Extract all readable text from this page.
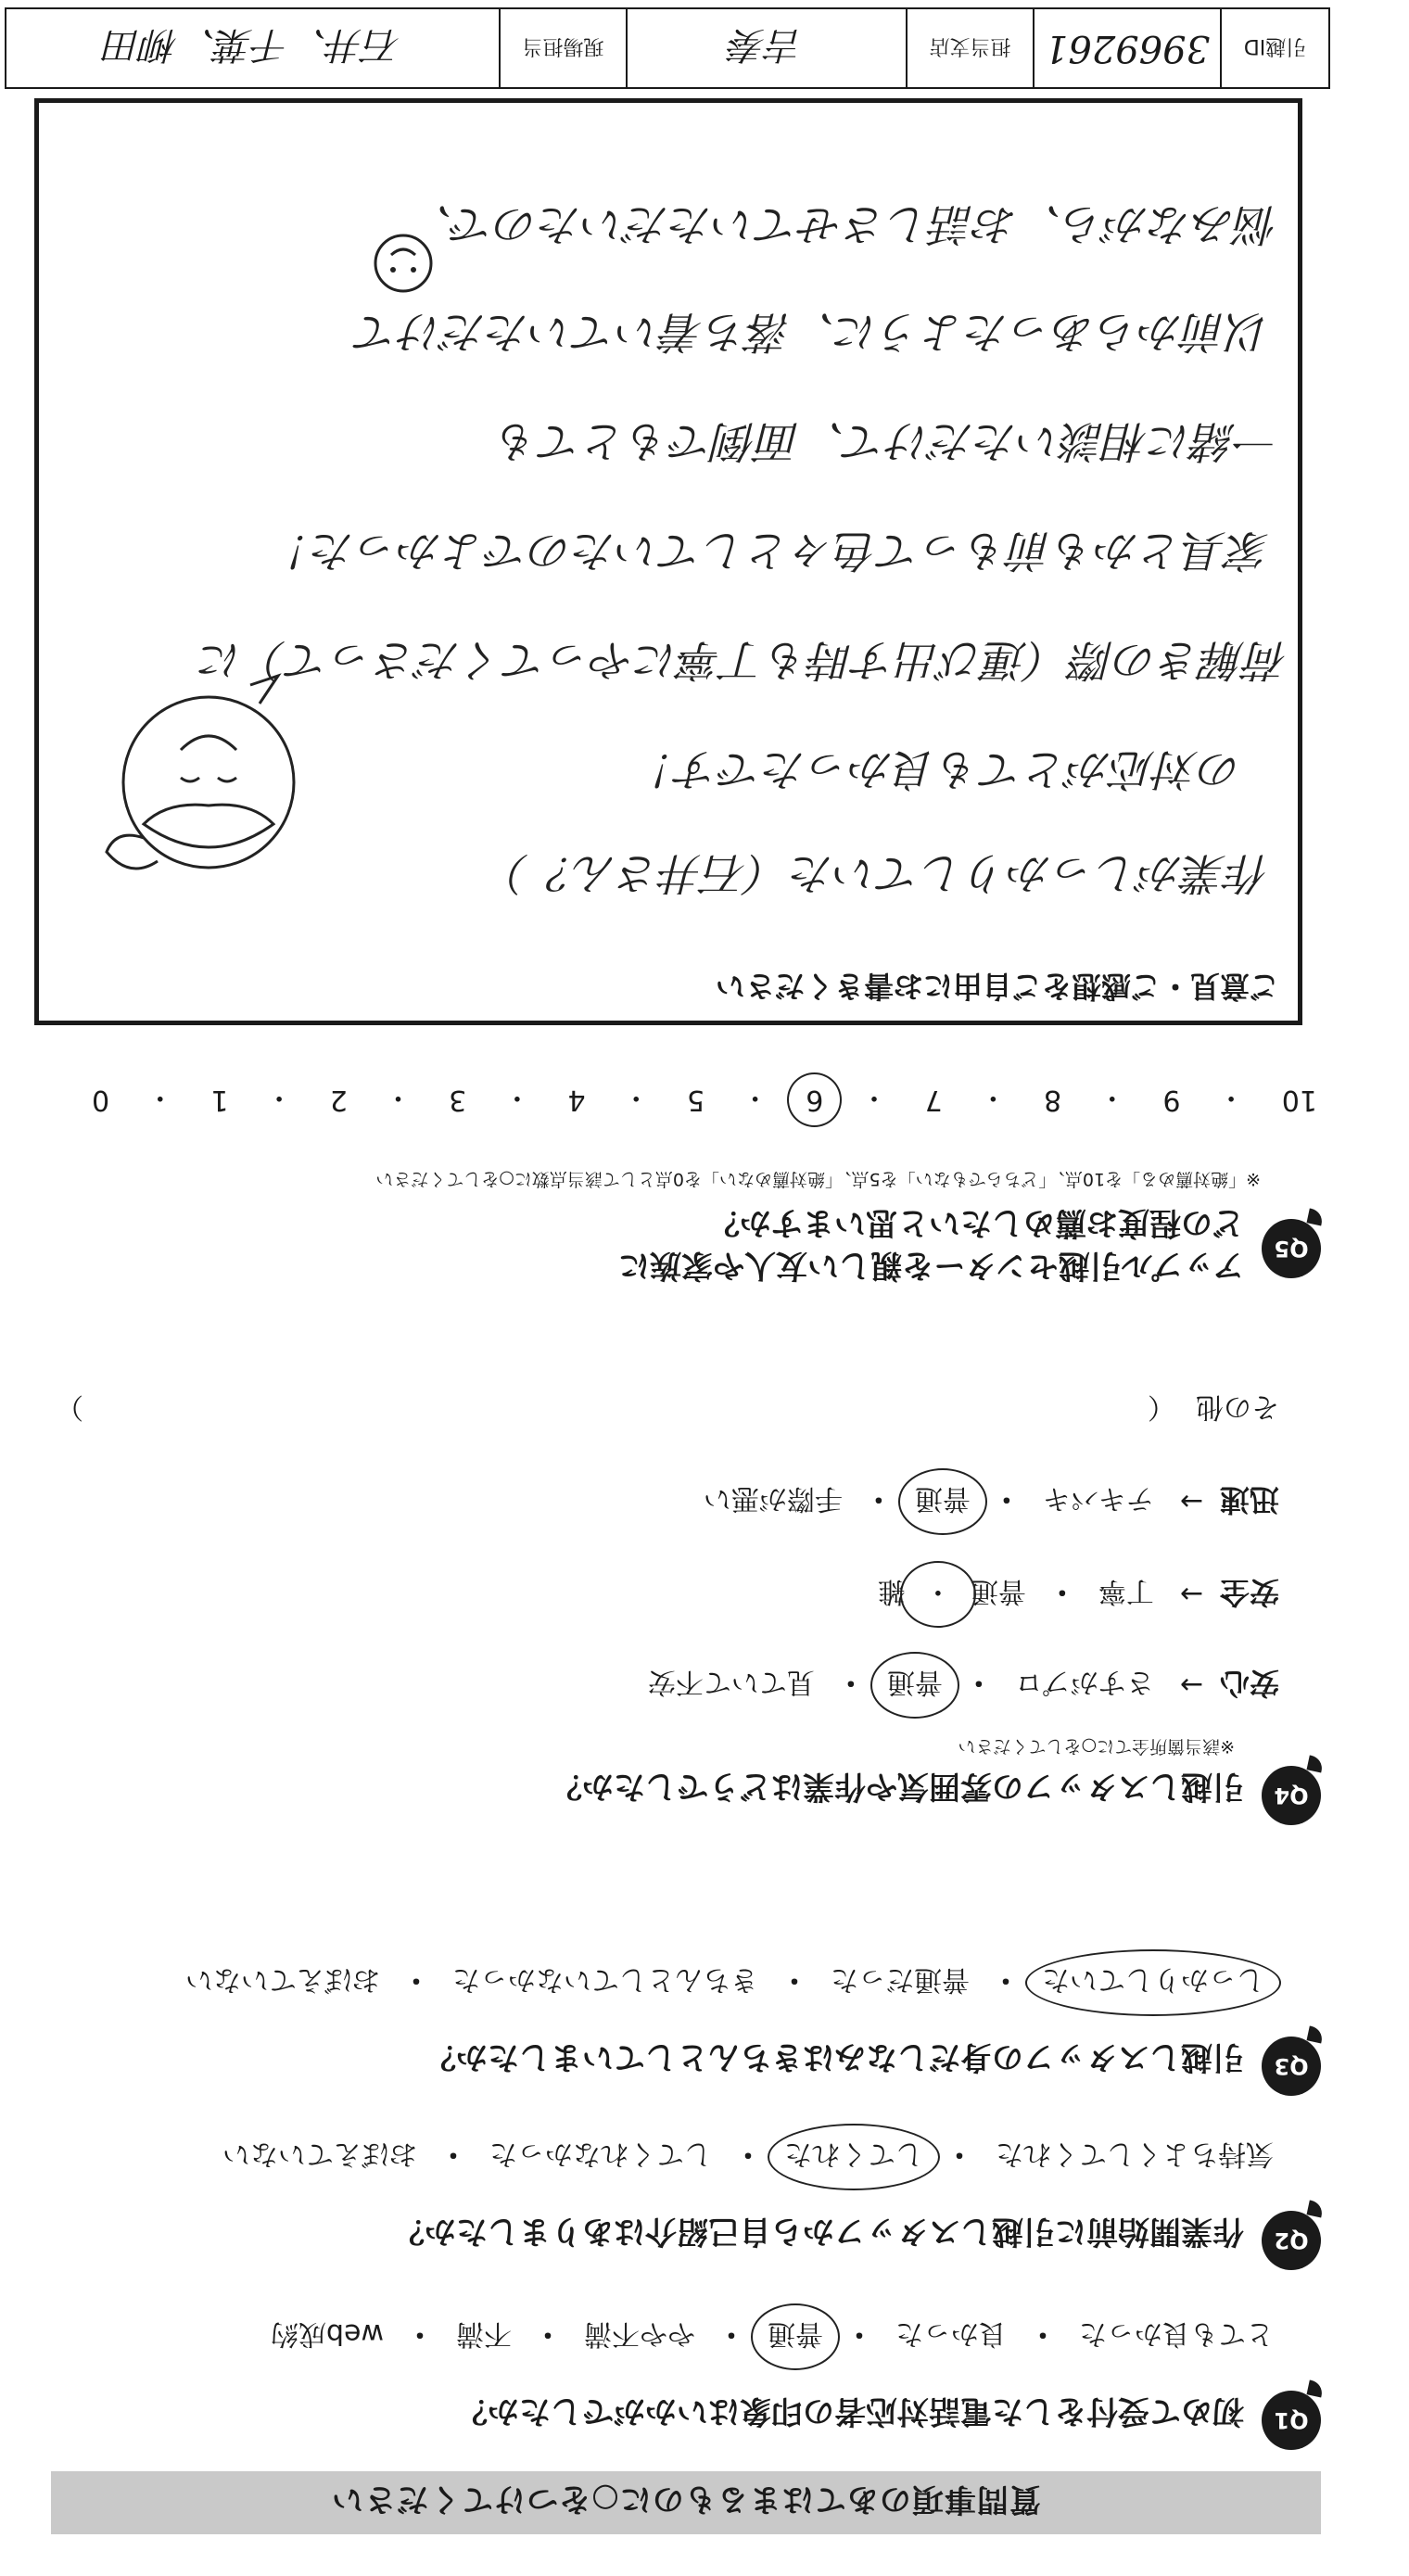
質問事項のあてはまるものに○をつけてください
Q1
初めて受付をした電話対応者の印象はいかがでしたか？
とても良かった
・
良かった
・
普通
・
やや不満
・
不満
・
web成約
Q2
作業開始前に引越しスタッフから自己紹介はありましたか？
気持ちよくしてくれた
・
してくれた
・
してくれなかった
・
おぼえていない
Q3
引越しスタッフの身だしなみはきちんとしていましたか？
しっかりしていた
・
普通だった
・
きちんとしていなかった
・
おぼえていない
Q4
引越しスタッフの雰囲気や作業はどうでしたか？
※該当箇所全てに○をしてください
安心
→
さすがプロ
・
普通
・
見ていて不安
安全
→
丁寧
・
普通
・
雑
迅速
→
テキパキ
・
普通
・
手際が悪い
その他
（
）
Q5
アップル引越センターを親しい友人や家族に
どの程度お薦めしたいと思いますか？
※「絶対薦める」を10点、「どちらでもない」を5点、「絶対薦めない」を0点として該当点数に○をしてください
10
・
9
・
8
・
7
・
6
・
5
・
4
・
3
・
2
・
1
・
0
ご意見・ご感想をご自由にお書きください
作業がしっかりしていた（石井さん？）
の対応がとても良かったです！
荷解きの際（運び出す時も丁寧にやってくださって）に
家具とかも前もって色々としていたのでよかった！
一緒に相談いただけて、面倒でもとても
以前からあったように、落ち着いていただけて
悩みながら、お話しさせていただいたので、
引越ID
3969261
担当支店
吉奏
現場担当
石井、千葉、柳田
